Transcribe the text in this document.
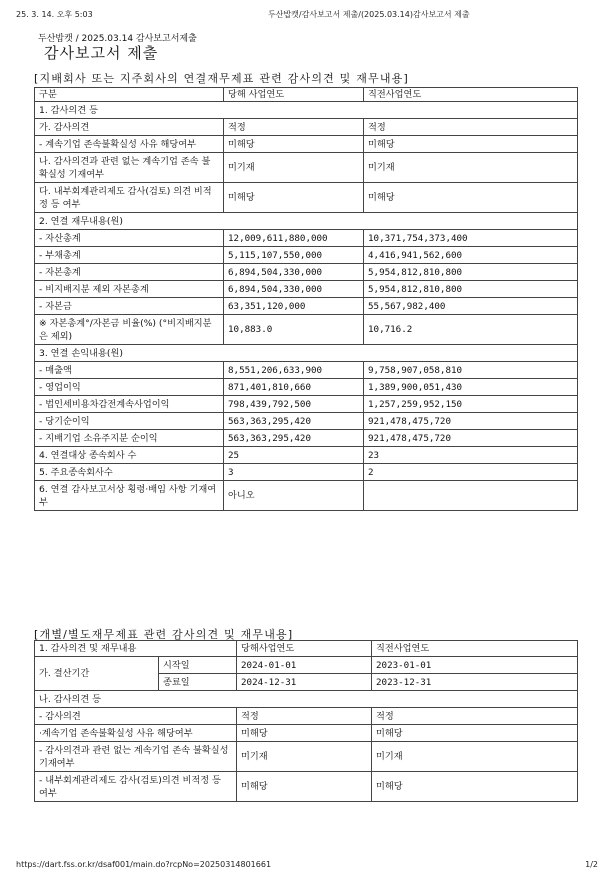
25. 3. 14. 오후 5:03	두산밥캣/감사보고서 제출/(2025.03.14)감사보고서 제출
두산밥캣 / 2025.03.14 감사보고서제출
감사보고서 제출
[지배회사 또는 지주회사의 연결재무제표 관련 감사의견 및 재무내용]
구분	당해 사업연도	직전사업연도
1. 감사의견 등		
가. 감사의견	적정	적정
- 계속기업 존속불확실성 사유 해당여부	미해당	미해당
나. 감사의견과 관련 없는 계속기업 존속 불확실성 기재여부	미기재	미기재
다. 내부회계관리제도 감사(검토) 의견 비적정 등 여부	미해당	미해당
2. 연결 재무내용(원)		
- 자산총계	12,009,611,880,000	10,371,754,373,400
- 부채총계	5,115,107,550,000	4,416,941,562,600
- 자본총계	6,894,504,330,000	5,954,812,810,800
- 비지배지분 제외 자본총계	6,894,504,330,000	5,954,812,810,800
- 자본금	63,351,120,000	55,567,982,400
※ 자본총계°/자본금 비율(%) (°비지배지분은 제외)	10,883.0	10,716.2
3. 연결 손익내용(원)		
- 매출액	8,551,206,633,900	9,758,907,058,810
- 영업이익	871,401,810,660	1,389,900,051,430
- 법인세비용차감전계속사업이익	798,439,792,500	1,257,259,952,150
- 당기순이익	563,363,295,420	921,478,475,720
- 지배기업 소유주지분 순이익	563,363,295,420	921,478,475,720
4. 연결대상 종속회사 수	25	23
5. 주요종속회사수	3	2
6. 연결 감사보고서상 횡령·배임 사항 기재여부	아니오	
[개별/별도재무제표 관련 감사의견 및 재무내용]
1. 감사의견 및 재무내용		당해사업연도	직전사업연도
가. 결산기간	시작일	2024-01-01	2023-01-01
	종료일	2024-12-31	2023-12-31
나. 감사의견 등			
- 감사의견		적정	적정
·계속기업 존속불확실성 사유 해당여부		미해당	미해당
- 감사의견과 관련 없는 계속기업 존속 불확실성 기재여부		미기재	미기재
- 내부회계관리제도 감사(검토)의견 비적정 등 여부		미해당	미해당
https://dart.fss.or.kr/dsaf001/main.do?rcpNo=20250314801661	1/2
